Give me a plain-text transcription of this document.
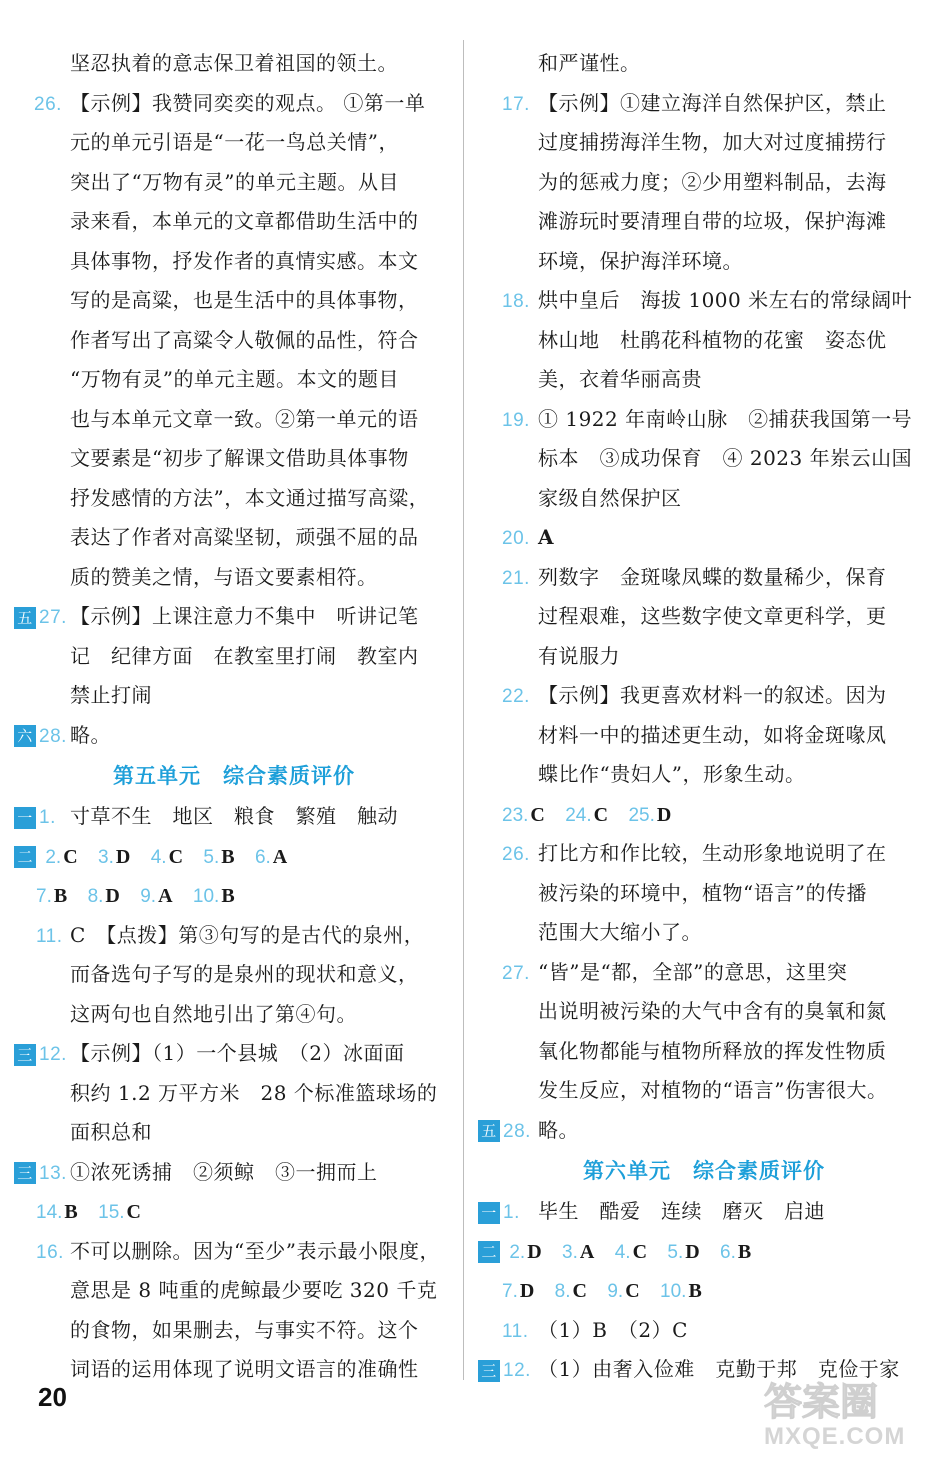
坚忍执着的意志保卫着祖国的领土。
26. 【示例】我赞同奕奕的观点。 ①第一单
元的单元引语是“一花一鸟总关情”，
突出了“万物有灵”的单元主题。从目
录来看，本单元的文章都借助生活中的
具体事物，抒发作者的真情实感。本文
写的是高粱，也是生活中的具体事物，
作者写出了高粱令人敬佩的品性，符合
“万物有灵”的单元主题。本文的题目
也与本单元文章一致。②第一单元的语
文要素是“初步了解课文借助具体事物
抒发感情的方法”，本文通过描写高粱，
表达了作者对高粱坚韧，顽强不屈的品
质的赞美之情，与语文要素相符。
五 27. 【示例】上课注意力不集中　听讲记笔
记　纪律方面　在教室里打闹　教室内
禁止打闹
六 28. 略。
第五单元　综合素质评价
一 1. 寸草不生　地区　粮食　繁殖　触动
二 2. C 3. D 4. C 5. B 6. A
7. B 8. D 9. A 10. B
11. C　【点拨】第③句写的是古代的泉州，
而备选句子写的是泉州的现状和意义，
这两句也自然地引出了第④句。
三 12. 【示例】（1）一个县城　（2）冰面面
积约 1.2 万平方米　28 个标准篮球场的
面积总和
三 13. ①浓死诱捕　②须鲸　③一拥而上
14. B 15. C
16. 不可以删除。因为“至少”表示最小限度，
意思是 8 吨重的虎鲸最少要吃 320 千克
的食物，如果删去，与事实不符。这个
词语的运用体现了说明文语言的准确性
和严谨性。
17. 【示例】①建立海洋自然保护区，禁止
过度捕捞海洋生物，加大对过度捕捞行
为的惩戒力度；②少用塑料制品，去海
滩游玩时要清理自带的垃圾，保护海滩
环境，保护海洋环境。
18. 烘中皇后　海拔 1000 米左右的常绿阔叶
林山地　杜鹃花科植物的花蜜　姿态优
美，衣着华丽高贵
19. ① 1922 年南岭山脉　②捕获我国第一号
标本　③成功保育　④ 2023 年岽云山国
家级自然保护区
20. A
21. 列数字　金斑喙凤蝶的数量稀少，保育
过程艰难，这些数字使文章更科学，更
有说服力
22. 【示例】我更喜欢材料一的叙述。因为
材料一中的描述更生动，如将金斑喙凤
蝶比作“贵妇人”，形象生动。
23. C 24. C 25. D
26. 打比方和作比较，生动形象地说明了在
被污染的环境中，植物“语言”的传播
范围大大缩小了。
27. “皆”是“都，全部”的意思，这里突
出说明被污染的大气中含有的臭氧和氮
氧化物都能与植物所释放的挥发性物质
发生反应，对植物的“语言”伤害很大。
五 28. 略。
第六单元　综合素质评价
一 1. 毕生　酷爱　连续　磨灭　启迪
二 2. D 3. A 4. C 5. D 6. B
7. D 8. C 9. C 10. B
11. （1）B　（2）C
三 12. （1）由奢入俭难　克勤于邦　克俭于家
20	答案圈
MXQE.COM
